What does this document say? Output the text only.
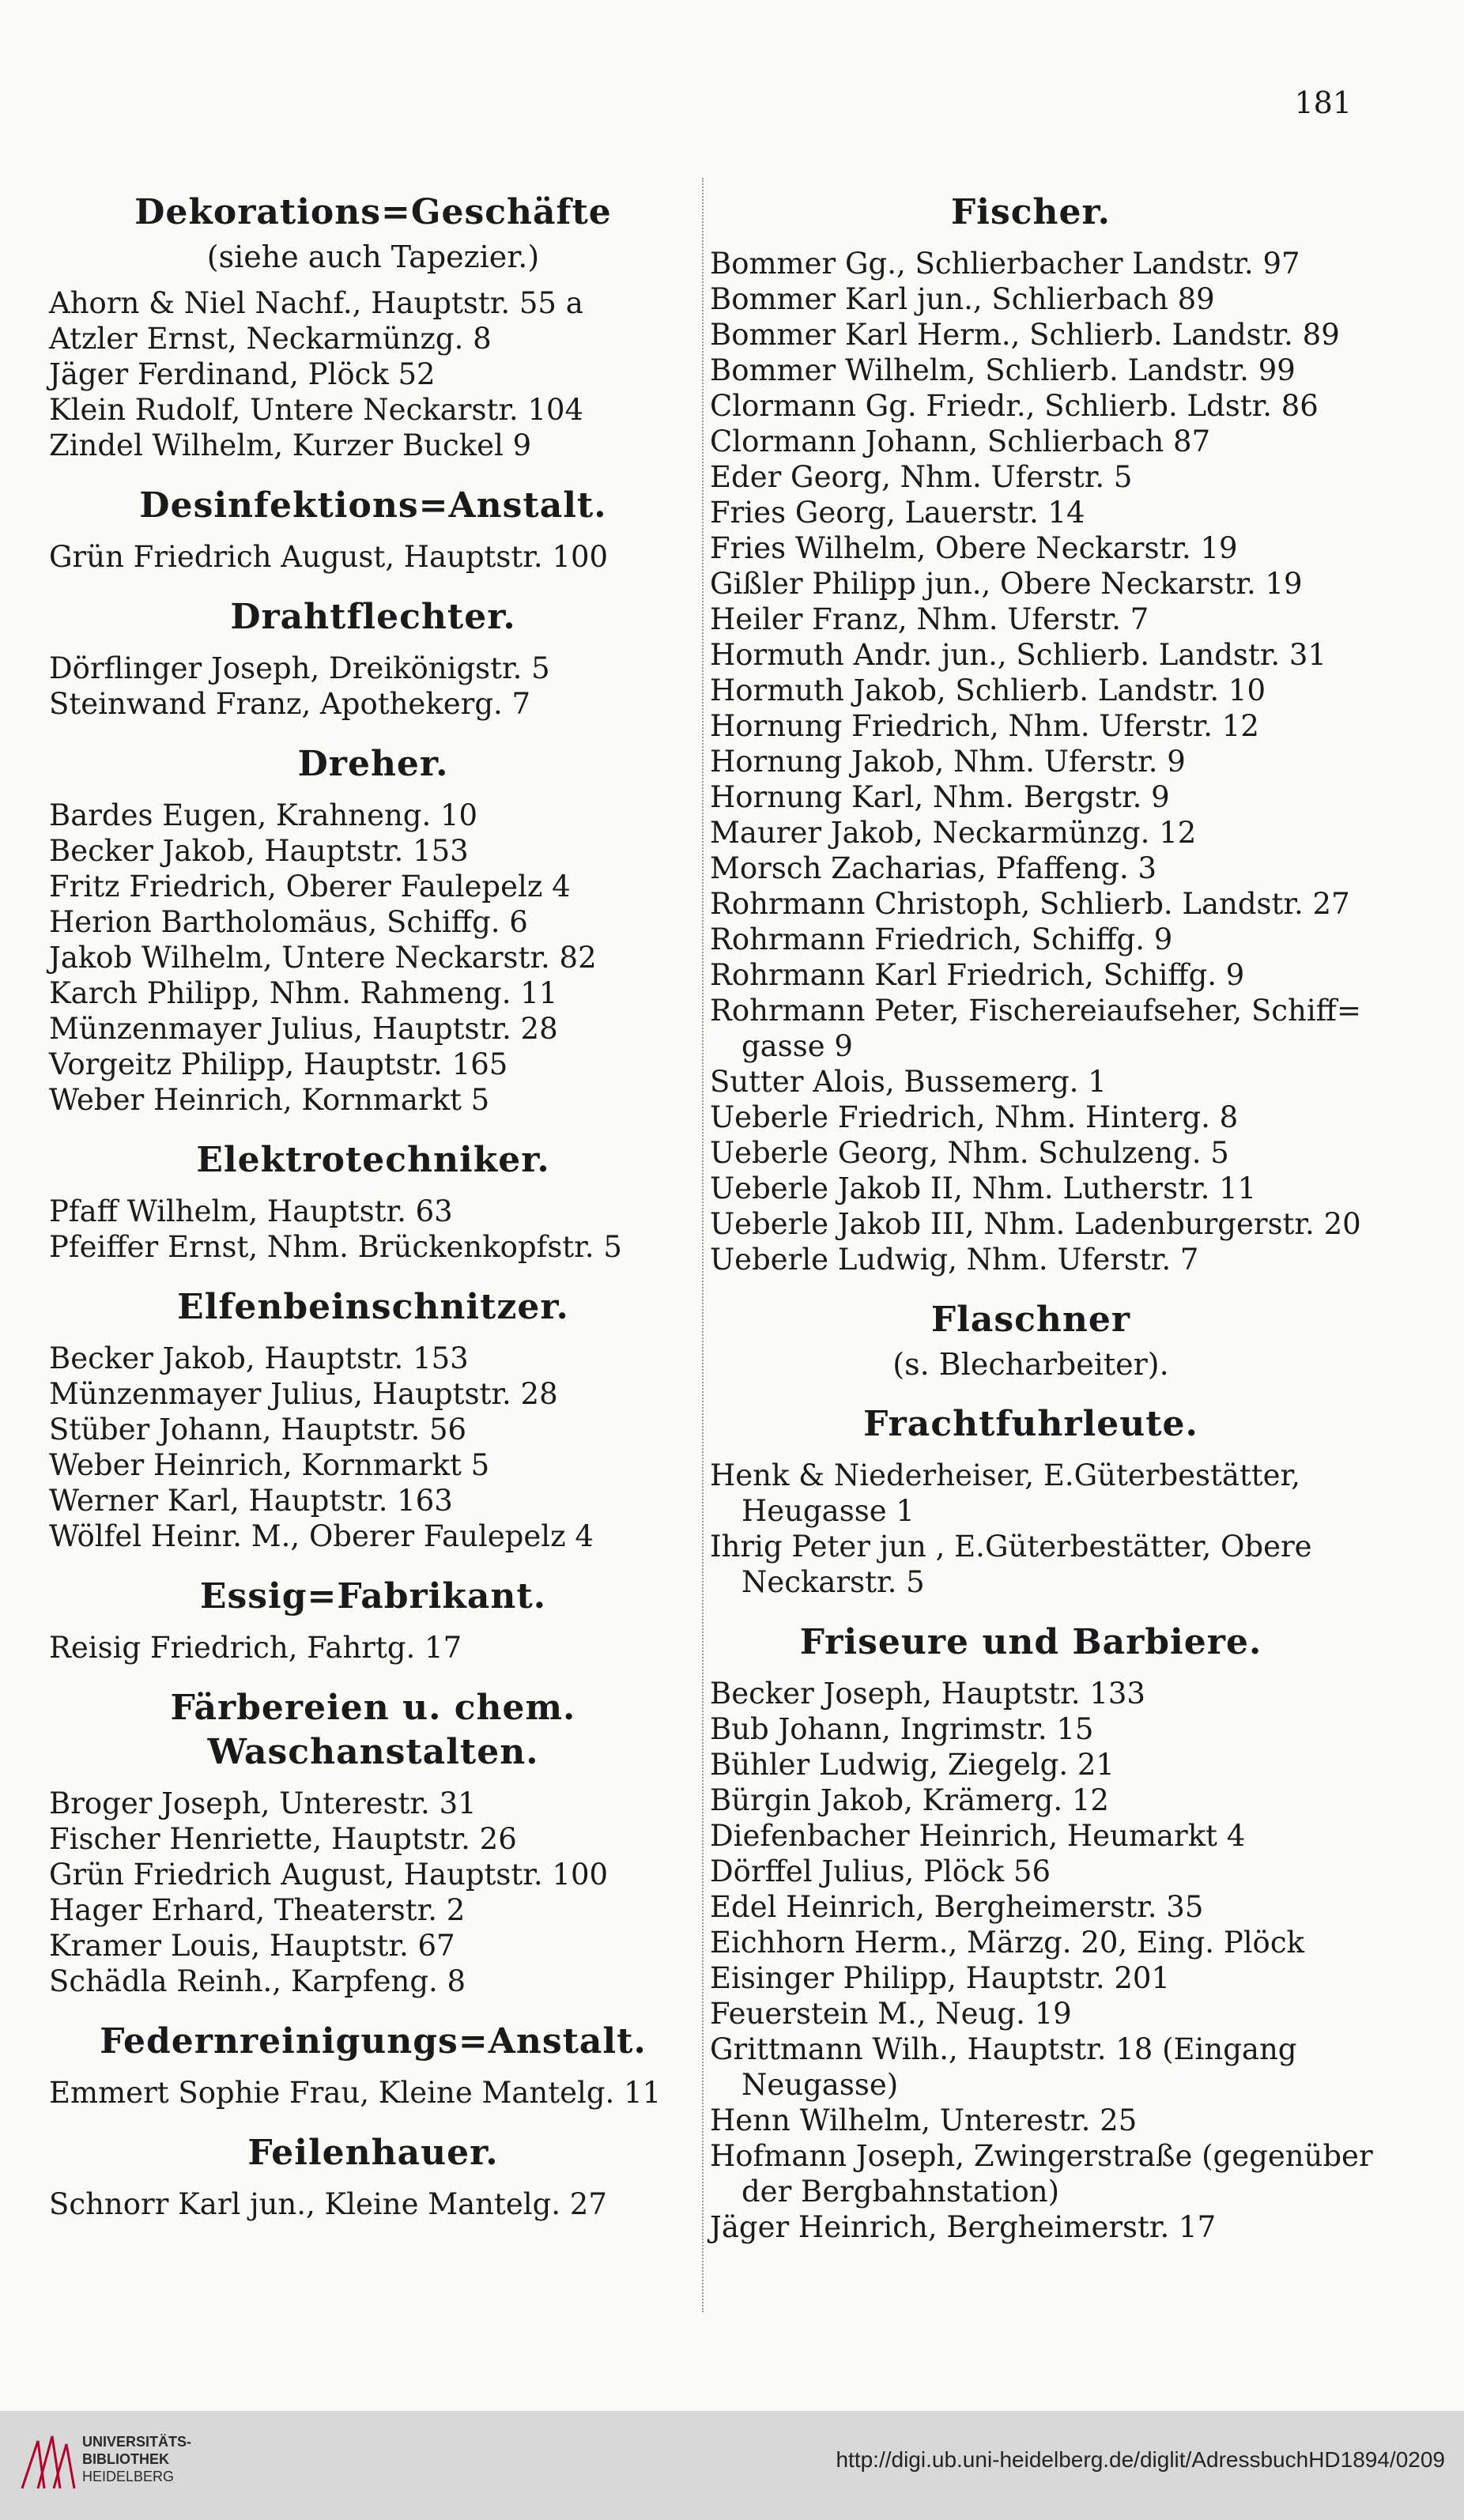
181
Dekorations=Geschäfte
(siehe auch Tapezier.)
Ahorn & Niel Nachf., Hauptstr. 55 a
Atzler Ernst, Neckarmünzg. 8
Jäger Ferdinand, Plöck 52
Klein Rudolf, Untere Neckarstr. 104
Zindel Wilhelm, Kurzer Buckel 9
Desinfektions=Anstalt.
Grün Friedrich August, Hauptstr. 100
Drahtflechter.
Dörflinger Joseph, Dreikönigstr. 5
Steinwand Franz, Apothekerg. 7
Dreher.
Bardes Eugen, Krahneng. 10
Becker Jakob, Hauptstr. 153
Fritz Friedrich, Oberer Faulepelz 4
Herion Bartholomäus, Schiffg. 6
Jakob Wilhelm, Untere Neckarstr. 82
Karch Philipp, Nhm. Rahmeng. 11
Münzenmayer Julius, Hauptstr. 28
Vorgeitz Philipp, Hauptstr. 165
Weber Heinrich, Kornmarkt 5
Elektrotechniker.
Pfaff Wilhelm, Hauptstr. 63
Pfeiffer Ernst, Nhm. Brückenkopfstr. 5
Elfenbeinschnitzer.
Becker Jakob, Hauptstr. 153
Münzenmayer Julius, Hauptstr. 28
Stüber Johann, Hauptstr. 56
Weber Heinrich, Kornmarkt 5
Werner Karl, Hauptstr. 163
Wölfel Heinr. M., Oberer Faulepelz 4
Essig=Fabrikant.
Reisig Friedrich, Fahrtg. 17
Färbereien u. chem. Waschanstalten.
Broger Joseph, Unterestr. 31
Fischer Henriette, Hauptstr. 26
Grün Friedrich August, Hauptstr. 100
Hager Erhard, Theaterstr. 2
Kramer Louis, Hauptstr. 67
Schädla Reinh., Karpfeng. 8
Federnreinigungs=Anstalt.
Emmert Sophie Frau, Kleine Mantelg. 11
Feilenhauer.
Schnorr Karl jun., Kleine Mantelg. 27
Fischer.
Bommer Gg., Schlierbacher Landstr. 97
Bommer Karl jun., Schlierbach 89
Bommer Karl Herm., Schlierb. Landstr. 89
Bommer Wilhelm, Schlierb. Landstr. 99
Clormann Gg. Friedr., Schlierb. Ldstr. 86
Clormann Johann, Schlierbach 87
Eder Georg, Nhm. Uferstr. 5
Fries Georg, Lauerstr. 14
Fries Wilhelm, Obere Neckarstr. 19
Gißler Philipp jun., Obere Neckarstr. 19
Heiler Franz, Nhm. Uferstr. 7
Hormuth Andr. jun., Schlierb. Landstr. 31
Hormuth Jakob, Schlierb. Landstr. 10
Hornung Friedrich, Nhm. Uferstr. 12
Hornung Jakob, Nhm. Uferstr. 9
Hornung Karl, Nhm. Bergstr. 9
Maurer Jakob, Neckarmünzg. 12
Morsch Zacharias, Pfaffeng. 3
Rohrmann Christoph, Schlierb. Landstr. 27
Rohrmann Friedrich, Schiffg. 9
Rohrmann Karl Friedrich, Schiffg. 9
Rohrmann Peter, Fischereiaufseher, Schiff=
gasse 9
Sutter Alois, Bussemerg. 1
Ueberle Friedrich, Nhm. Hinterg. 8
Ueberle Georg, Nhm. Schulzeng. 5
Ueberle Jakob II, Nhm. Lutherstr. 11
Ueberle Jakob III, Nhm. Ladenburgerstr. 20
Ueberle Ludwig, Nhm. Uferstr. 7
Flaschner
(s. Blecharbeiter).
Frachtfuhrleute.
Henk & Niederheiser, E.Güterbestätter,
Heugasse 1
Ihrig Peter jun , E.Güterbestätter, Obere
Neckarstr. 5
Friseure und Barbiere.
Becker Joseph, Hauptstr. 133
Bub Johann, Ingrimstr. 15
Bühler Ludwig, Ziegelg. 21
Bürgin Jakob, Krämerg. 12
Diefenbacher Heinrich, Heumarkt 4
Dörffel Julius, Plöck 56
Edel Heinrich, Bergheimerstr. 35
Eichhorn Herm., Märzg. 20, Eing. Plöck
Eisinger Philipp, Hauptstr. 201
Feuerstein M., Neug. 19
Grittmann Wilh., Hauptstr. 18 (Eingang
Neugasse)
Henn Wilhelm, Unterestr. 25
Hofmann Joseph, Zwingerstraße (gegenüber
der Bergbahnstation)
Jäger Heinrich, Bergheimerstr. 17
UNIVERSITÄTS-
BIBLIOTHEK
HEIDELBERG
http://digi.ub.uni-heidelberg.de/diglit/AdressbuchHD1894/0209
